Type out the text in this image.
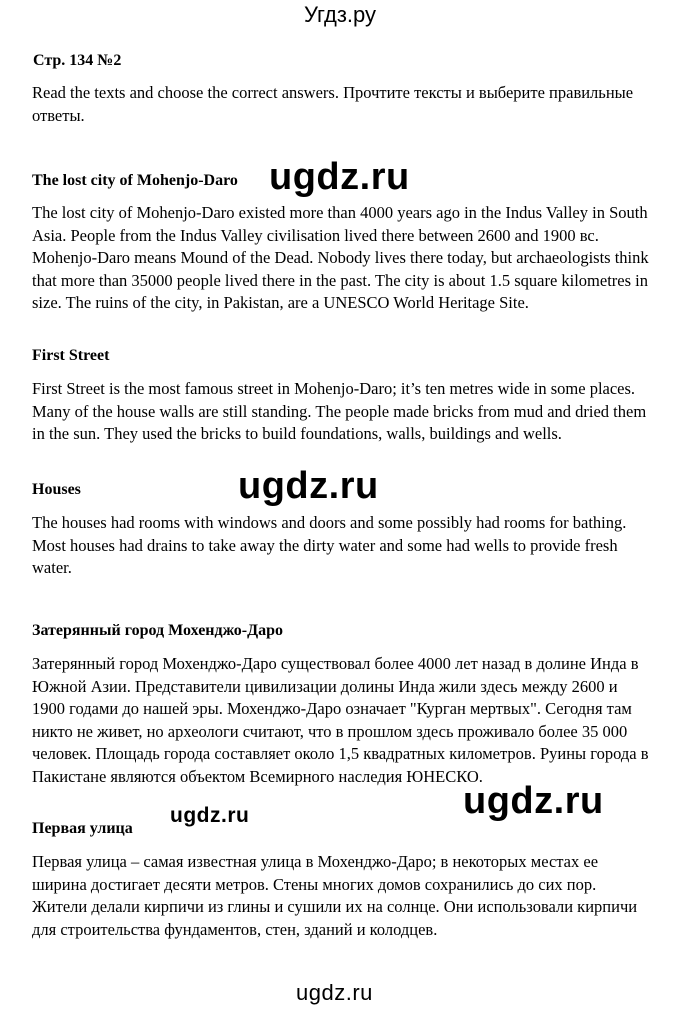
Угдз.ру
Стр. 134 №2
Read the texts and choose the correct answers. Прочтите тексты и выберите правильные ответы.
The lost city of Mohenjo-Daro ugdz.ru
The lost city of Mohenjo-Daro existed more than 4000 years ago in the Indus Valley in South Asia. People from the Indus Valley civilisation lived there between 2600 and 1900 вс. Mohenjo-Daro means Mound of the Dead. Nobody lives there today, but archaeologists think that more than 35000 people lived there in the past. The city is about 1.5 square kilometres in size. The ruins of the city, in Pakistan, are a UNESCO World Heritage Site.
First Street
First Street is the most famous street in Mohenjo-Daro; it’s ten metres wide in some places. Many of the house walls are still standing. The people made bricks from mud and dried them in the sun. They used the bricks to build foundations, walls, buildings and wells.
Houses	ugdz.ru
The houses had rooms with windows and doors and some possibly had rooms for bathing. Most houses had drains to take away the dirty water and some had wells to provide fresh water.
Затерянный город Мохенджо-Даро
Затерянный город Мохенджо-Даро существовал более 4000 лет назад в долине Инда в Южной Азии. Представители цивилизации долины Инда жили здесь между 2600 и 1900 годами до нашей эры. Мохенджо-Даро означает "Курган мертвых". Сегодня там никто не живет, но археологи считают, что в прошлом здесь проживало более 35 000 человек. Площадь города составляет около 1,5 квадратных километров. Руины города в Пакистане являются объектом Всемирного наследия ЮНЕСКО.
ugdz.ru
Первая улица
ugdz.ru
Первая улица – самая известная улица в Мохенджо-Даро; в некоторых местах ее ширина достигает десяти метров. Стены многих домов сохранились до сих пор. Жители делали кирпичи из глины и сушили их на солнце. Они использовали кирпичи для строительства фундаментов, стен, зданий и колодцев.
ugdz.ru
